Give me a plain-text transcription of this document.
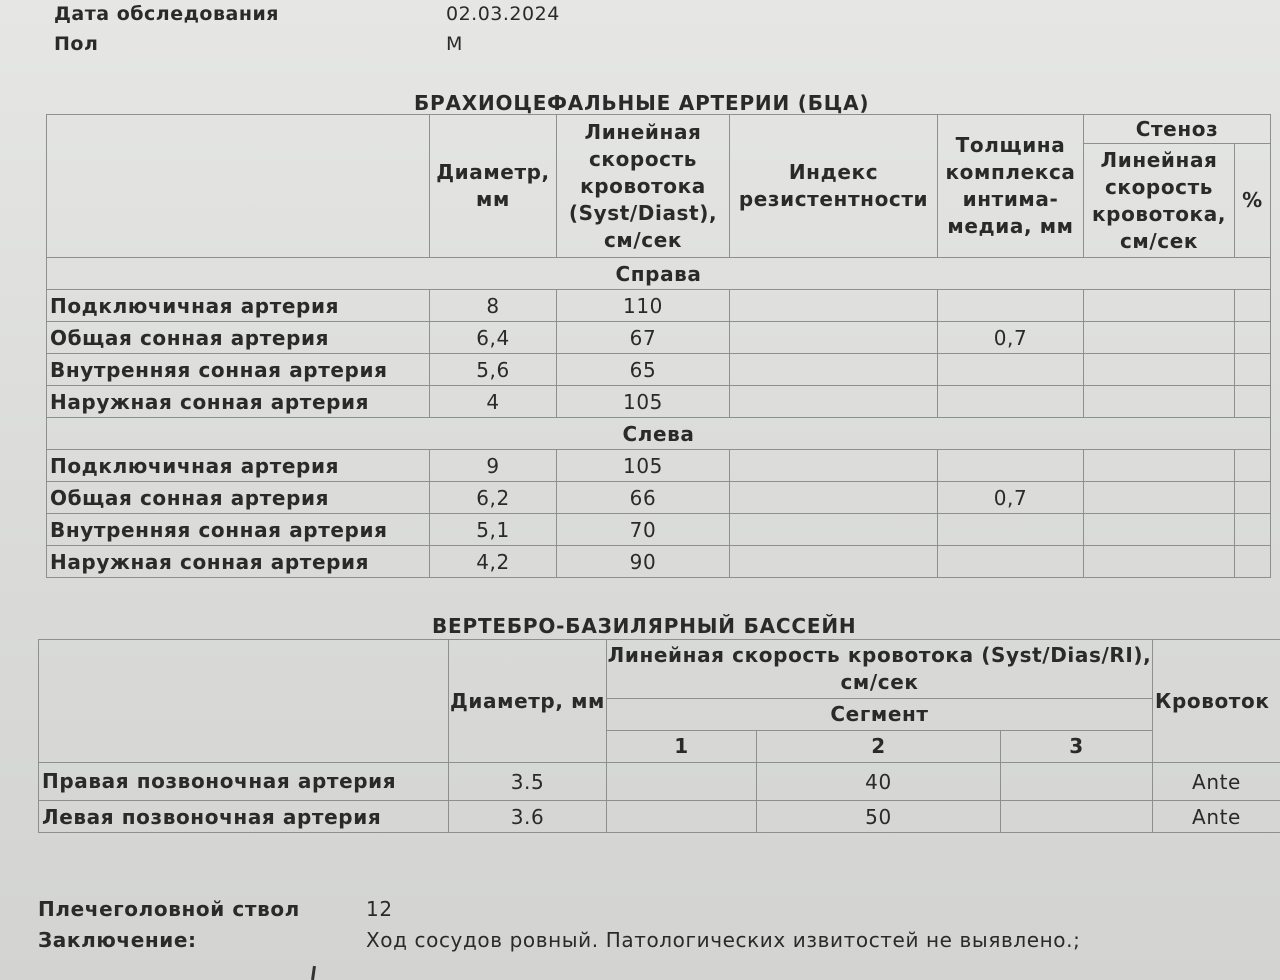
Дата обследования	02.03.2024
Пол	М
БРАХИОЦЕФАЛЬНЫЕ АРТЕРИИ (БЦА)
	Диаметр, мм	Линейная скорость кровотока (Syst/Diast), см/сек	Индекс резистентности	Толщина комплекса интима-медиа, мм	Стеноз	
					Линейная скорость кровотока, см/сек	%
Справа						
Подключичная артерия	8	110				
Общая сонная артерия	6,4	67		0,7		
Внутренняя сонная артерия	5,6	65				
Наружная сонная артерия	4	105				
Слева						
Подключичная артерия	9	105				
Общая сонная артерия	6,2	66		0,7		
Внутренняя сонная артерия	5,1	70				
Наружная сонная артерия	4,2	90				
ВЕРТЕБРО-БАЗИЛЯРНЫЙ БАССЕЙН
	Диаметр, мм	Линейная скорость кровотока (Syst/Dias/RI), см/сек			Кровоток
		Сегмент			
		1	2	3	
Правая позвоночная артерия	3.5		40		Ante
Левая позвоночная артерия	3.6		50		Ante
Плечеголовной ствол	12
Заключение:	Ход сосудов ровный. Патологических извитостей не выявлено.;
